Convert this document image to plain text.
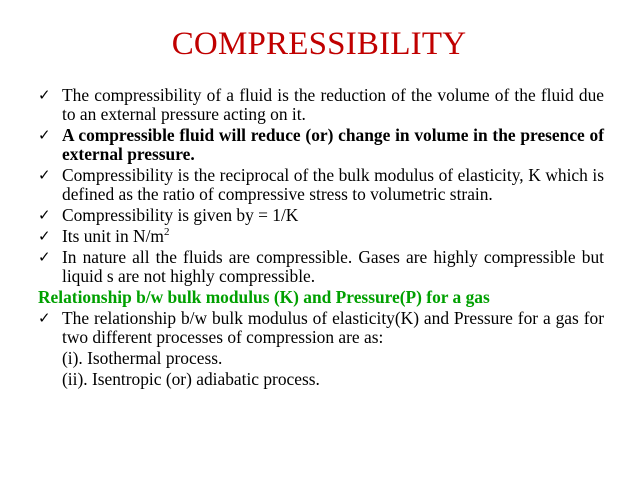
COMPRESSIBILITY
✓ The compressibility of a fluid is the reduction of the volume of the fluid due to an external pressure acting on it.
✓ A compressible fluid will reduce (or) change in volume in the presence of external pressure.
✓ Compressibility is the reciprocal of the bulk modulus of elasticity, K which is defined as the ratio of compressive stress to volumetric strain.
✓ Compressibility is given by = 1/K
✓ Its unit in $N/m^2$
✓ In nature all the fluids are compressible. Gases are highly compressible but liquid s are not highly compressible.
Relationship b/w bulk modulus (K) and Pressure(P) for a gas
✓ The relationship b/w bulk modulus of elasticity(K) and Pressure for a gas for two different processes of compression are as:
(i). Isothermal process.
(ii). Isentropic (or) adiabatic process.
